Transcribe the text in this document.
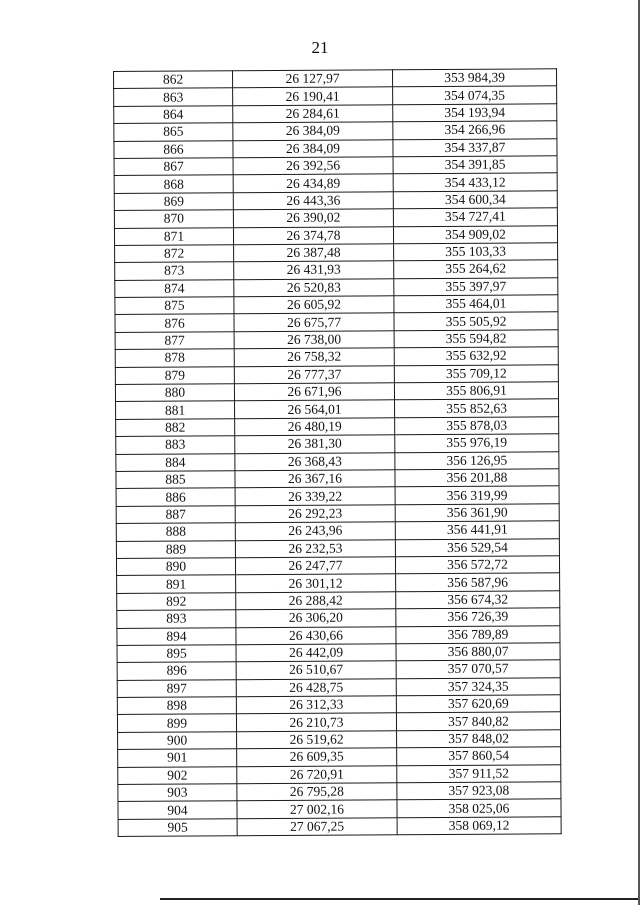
21
862	26 127,97	353 984,39
863	26 190,41	354 074,35
864	26 284,61	354 193,94
865	26 384,09	354 266,96
866	26 384,09	354 337,87
867	26 392,56	354 391,85
868	26 434,89	354 433,12
869	26 443,36	354 600,34
870	26 390,02	354 727,41
871	26 374,78	354 909,02
872	26 387,48	355 103,33
873	26 431,93	355 264,62
874	26 520,83	355 397,97
875	26 605,92	355 464,01
876	26 675,77	355 505,92
877	26 738,00	355 594,82
878	26 758,32	355 632,92
879	26 777,37	355 709,12
880	26 671,96	355 806,91
881	26 564,01	355 852,63
882	26 480,19	355 878,03
883	26 381,30	355 976,19
884	26 368,43	356 126,95
885	26 367,16	356 201,88
886	26 339,22	356 319,99
887	26 292,23	356 361,90
888	26 243,96	356 441,91
889	26 232,53	356 529,54
890	26 247,77	356 572,72
891	26 301,12	356 587,96
892	26 288,42	356 674,32
893	26 306,20	356 726,39
894	26 430,66	356 789,89
895	26 442,09	356 880,07
896	26 510,67	357 070,57
897	26 428,75	357 324,35
898	26 312,33	357 620,69
899	26 210,73	357 840,82
900	26 519,62	357 848,02
901	26 609,35	357 860,54
902	26 720,91	357 911,52
903	26 795,28	357 923,08
904	27 002,16	358 025,06
905	27 067,25	358 069,12
